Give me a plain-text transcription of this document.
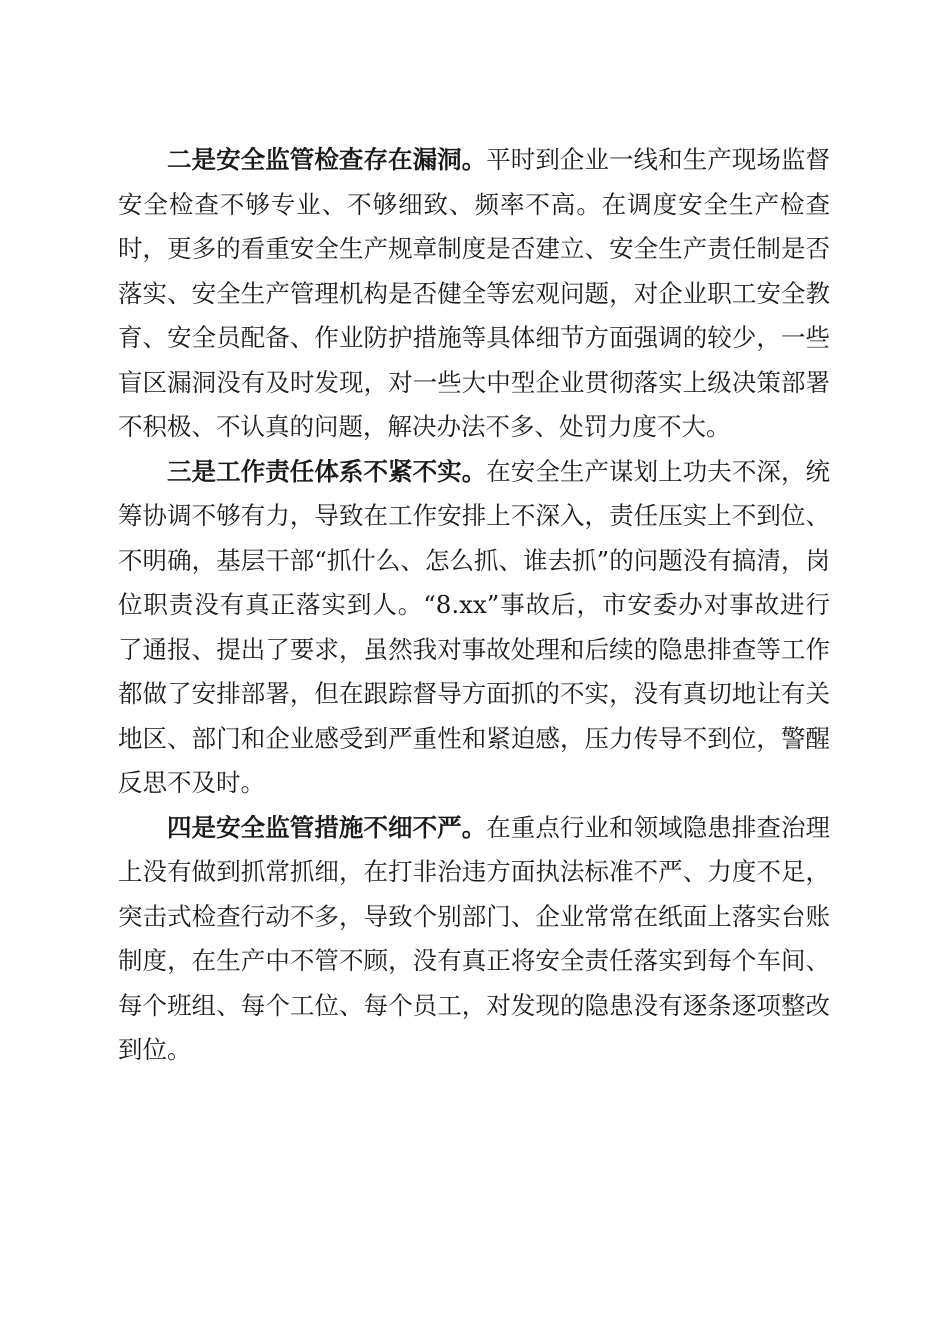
二是安全监管检查存在漏洞。平时到企业一线和生产现场监督安全检查不够专业、不够细致、频率不高。在调度安全生产检查时，更多的看重安全生产规章制度是否建立、安全生产责任制是否落实、安全生产管理机构是否健全等宏观问题，对企业职工安全教育、安全员配备、作业防护措施等具体细节方面强调的较少，一些盲区漏洞没有及时发现，对一些大中型企业贯彻落实上级决策部署不积极、不认真的问题，解决办法不多、处罚力度不大。

三是工作责任体系不紧不实。在安全生产谋划上功夫不深，统筹协调不够有力，导致在工作安排上不深入，责任压实上不到位、不明确，基层干部“抓什么、怎么抓、谁去抓”的问题没有搞清，岗位职责没有真正落实到人。“8.xx”事故后，市安委办对事故进行了通报、提出了要求，虽然我对事故处理和后续的隐患排查等工作都做了安排部署，但在跟踪督导方面抓的不实，没有真切地让有关地区、部门和企业感受到严重性和紧迫感，压力传导不到位，警醒反思不及时。

四是安全监管措施不细不严。在重点行业和领域隐患排查治理上没有做到抓常抓细，在打非治违方面执法标准不严、力度不足，突击式检查行动不多，导致个别部门、企业常常在纸面上落实台账制度，在生产中不管不顾，没有真正将安全责任落实到每个车间、每个班组、每个工位、每个员工，对发现的隐患没有逐条逐项整改到位。
